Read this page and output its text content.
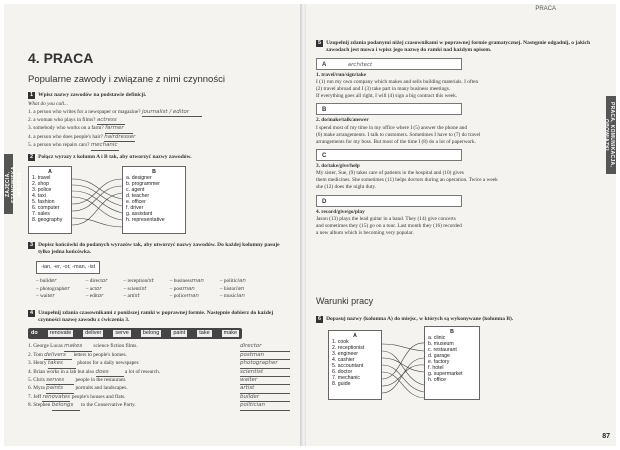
ZAJĘCIA, STANOWISKA, MIEJSCA
4. PRACA
Popularne zawody i związane z nimi czynności
1 Wpisz nazwy zawodów na podstawie definicji.
What do you call...
1. a person who writes for a newspaper or magazine? journalist / editor
2. a woman who plays in films? actress
3. somebody who works on a farm? farmer
4. a person who does people's hair? hairdresser
5. a person who repairs cars? mechanic
2 Połącz wyrazy z kolumn A i B tak, aby utworzyć nazwy zawodów.
A
1. travel
2. shop
3. police
4. taxi
5. fashion
6. computer
7. sales
8. geography
B
a. designer
b. programmer
c. agent
d. teacher
e. officer
f. driver
g. assistant
h. representative
3 Dopisz końcówki do podanych wyrazów tak, aby utworzyć nazwy zawodów. Do każdej kolumny pasuje tylko jedna końcówka.
-ian, -er, -or, -man, -ist
– builder
– photographer
– waiter
– director
– actor
– editor
– receptionist
– scientist
– artist
– businessman
– postman
– policeman
– politician
– historian
– musician
4 Uzupełnij zdania czasownikami z poniższej ramki w poprawnej formie. Następnie dobierz do każdej czynności nazwę zawodu z ćwiczenia 3.
do	renovate	deliver	serve	belong	paint	take	make
1. George Lucas makes science fiction films.	director
2. Tom delivers letters to people's homes.	postman
3. Henry takes	photos for a daily newspaper.	photographer
4. Brian works in a lab but also does	a lot of research.	scientist
5. Chris serves people in the restaurant.	waiter
6. Myra paints portraits and landscapes.	artist
7. Jeff renovates people's houses and flats.	builder
8. Stephen belongs to the Conservative Party.	politician
PRACA
PRACA, KOMUNIKACJA, OBOWIĄZKI
5 Uzupełnij zdania podanymi niżej czasownikami w poprawnej formie gramatycznej. Następnie odgadnij, o jakich zawodach jest mowa i wpisz jego nazwę do ramki nad każdym opisem.
A	architect
1. travel/run/sign/take
I (1) run my own company which makes and sells building materials. I often
(2) travel abroad and I (3) take part in many business meetings.
If everything goes all right, I will (4) sign a big contract this week.
B
2. do/make/talk/answer
I spend most of my time in my office where I (5) answer the phone and
(6) make arrangements. I talk to customers. Sometimes I have to (7) do travel
arrangements for my boss. But most of the time I (8) do a lot of paperwork.
C
3. do/take/give/help
My sister, Sue, (9) takes care of patients in the hospital and (10) gives
them medicines. She sometimes (11) helps doctors during an operation. Twice a week
she (12) does the night duty.
D
4. record/give/go/play
Jason (13) plays the lead guitar in a band. They (14) give concerts
and sometimes they (15) go on a tour. Last month they (16) recorded
a new album which is becoming very popular.
Warunki pracy
6 Dopasuj nazwy (kolumna A) do miejsc, w których są wykonywane (kolumna B).
A
1. cook
2. receptionist
3. engineer
4. cashier
5. accountant
6. doctor
7. mechanic
8. guide
B
a. clinic
b. museum
c. restaurant
d. garage
e. factory
f. hotel
g. supermarket
h. office
87
